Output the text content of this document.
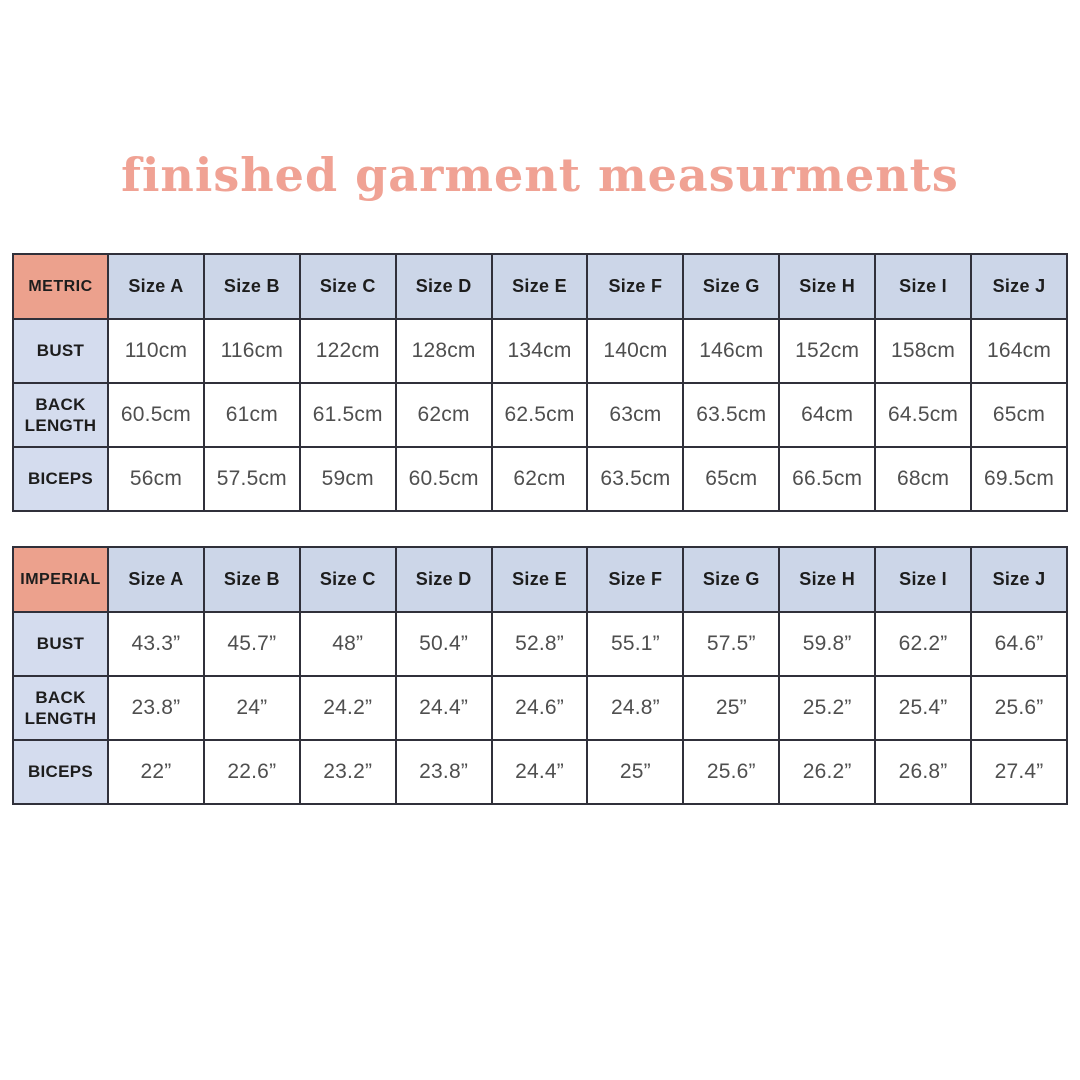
finished garment measurments
METRIC	Size A	Size B	Size C	Size D	Size E	Size F	Size G	Size H	Size I	Size J
BUST	110cm	116cm	122cm	128cm	134cm	140cm	146cm	152cm	158cm	164cm
BACK LENGTH	60.5cm	61cm	61.5cm	62cm	62.5cm	63cm	63.5cm	64cm	64.5cm	65cm
BICEPS	56cm	57.5cm	59cm	60.5cm	62cm	63.5cm	65cm	66.5cm	68cm	69.5cm
IMPERIAL	Size A	Size B	Size C	Size D	Size E	Size F	Size G	Size H	Size I	Size J
BUST	43.3”	45.7”	48”	50.4”	52.8”	55.1”	57.5”	59.8”	62.2”	64.6”
BACK LENGTH	23.8”	24”	24.2”	24.4”	24.6”	24.8”	25”	25.2”	25.4”	25.6”
BICEPS	22”	22.6”	23.2”	23.8”	24.4”	25”	25.6”	26.2”	26.8”	27.4”
